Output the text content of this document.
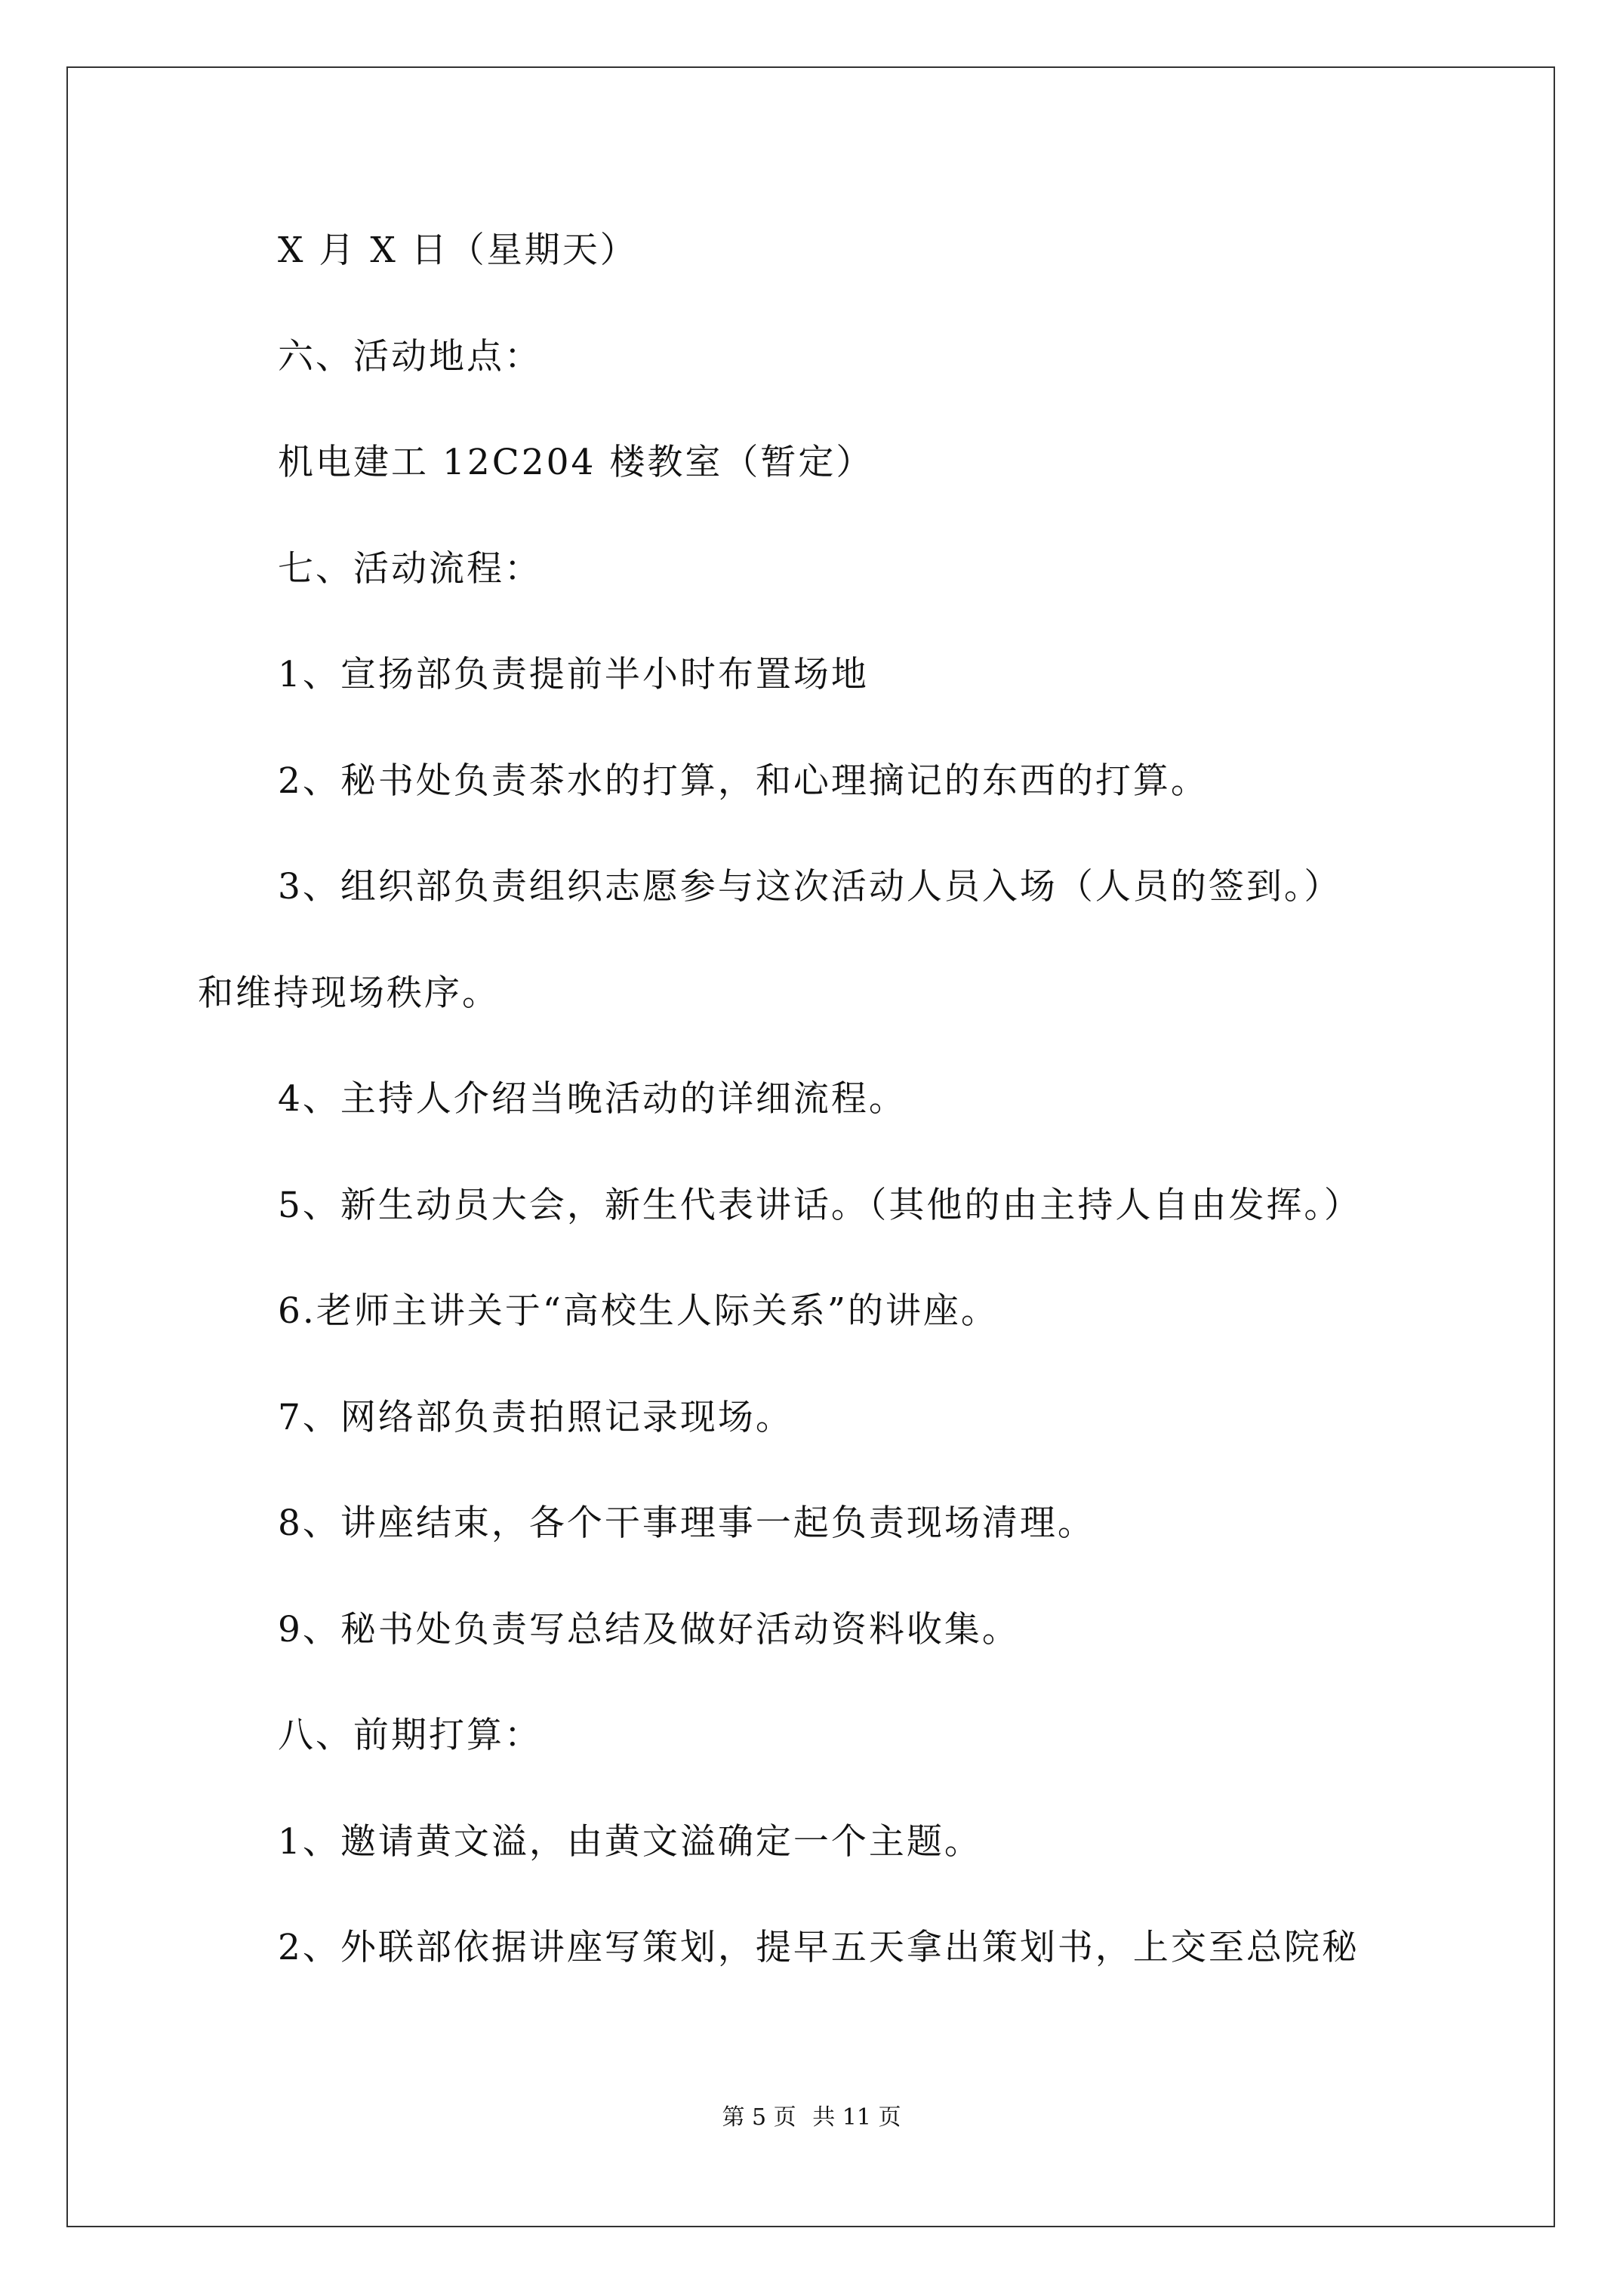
X 月 X 日（星期天）
六、活动地点：
机电建工 12C204 楼教室（暂定）
七、活动流程：
1、宣扬部负责提前半小时布置场地
2、秘书处负责茶水的打算，和心理摘记的东西的打算。
3、组织部负责组织志愿参与这次活动人员入场（人员的签到。）
和维持现场秩序。
4、主持人介绍当晚活动的详细流程。
5、新生动员大会，新生代表讲话。（其他的由主持人自由发挥。）
6.老师主讲关于“高校生人际关系”的讲座。
7、网络部负责拍照记录现场。
8、讲座结束，各个干事理事一起负责现场清理。
9、秘书处负责写总结及做好活动资料收集。
八、前期打算：
1、邀请黄文溢，由黄文溢确定一个主题。
2、外联部依据讲座写策划，提早五天拿出策划书，上交至总院秘
第 5 页 共 11 页
